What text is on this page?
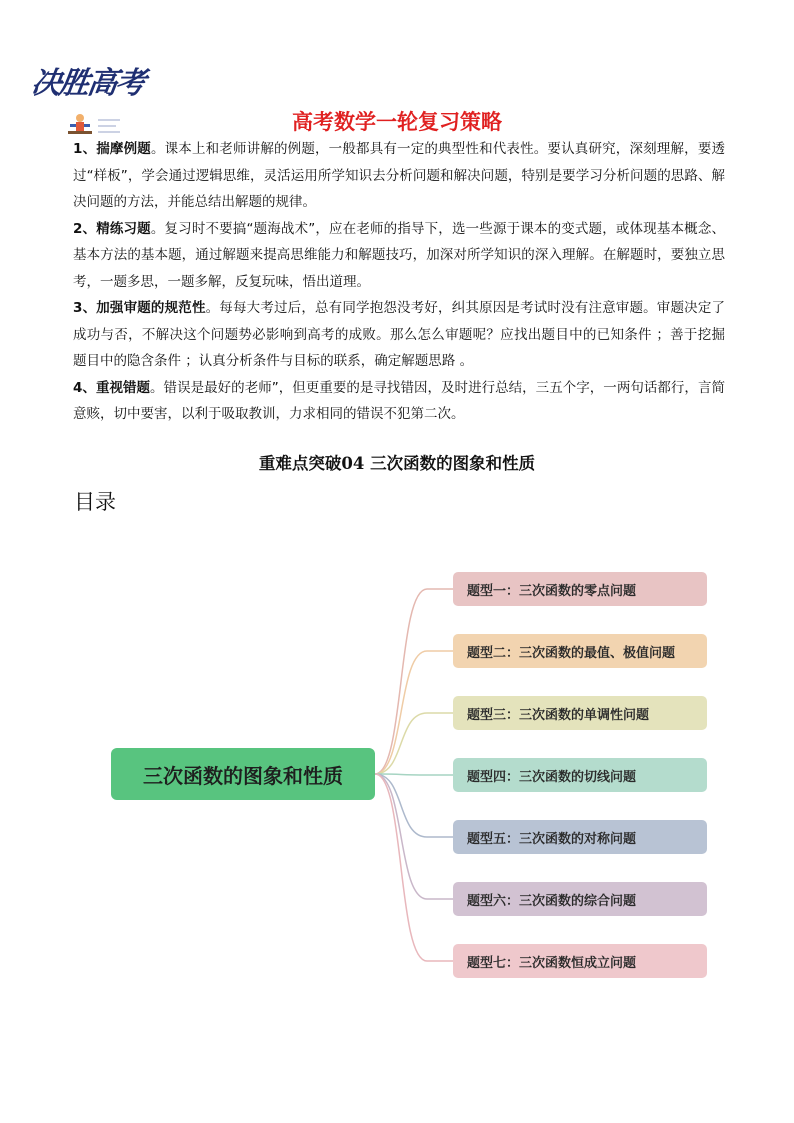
决胜高考
高考数学一轮复习策略

1、揣摩例题。课本上和老师讲解的例题，一般都具有一定的典型性和代表性。要认真研究，深刻理解，要透过“样板”，学会通过逻辑思维，灵活运用所学知识去分析问题和解决问题，特别是要学习分析问题的思路、解决问题的方法，并能总结出解题的规律。

2、精练习题。复习时不要搞“题海战术”，应在老师的指导下，选一些源于课本的变式题，或体现基本概念、基本方法的基本题，通过解题来提高思维能力和解题技巧，加深对所学知识的深入理解。在解题时，要独立思考，一题多思，一题多解，反复玩味，悟出道理。

3、加强审题的规范性。每每大考过后，总有同学抱怨没考好，纠其原因是考试时没有注意审题。审题决定了成功与否，不解决这个问题势必影响到高考的成败。那么怎么审题呢？应找出题目中的已知条件 ；善于挖掘题目中的隐含条件 ；认真分析条件与目标的联系，确定解题思路 。

4、重视错题。错误是最好的老师”，但更重要的是寻找错因，及时进行总结，三五个字，一两句话都行，言简意赅，切中要害，以利于吸取教训，力求相同的错误不犯第二次。

重难点突破04 三次函数的图象和性质
目录
三次函数的图象和性质
题型一：三次函数的零点问题
题型二：三次函数的最值、极值问题
题型三：三次函数的单调性问题
题型四：三次函数的切线问题
题型五：三次函数的对称问题
题型六：三次函数的综合问题
题型七：三次函数恒成立问题
